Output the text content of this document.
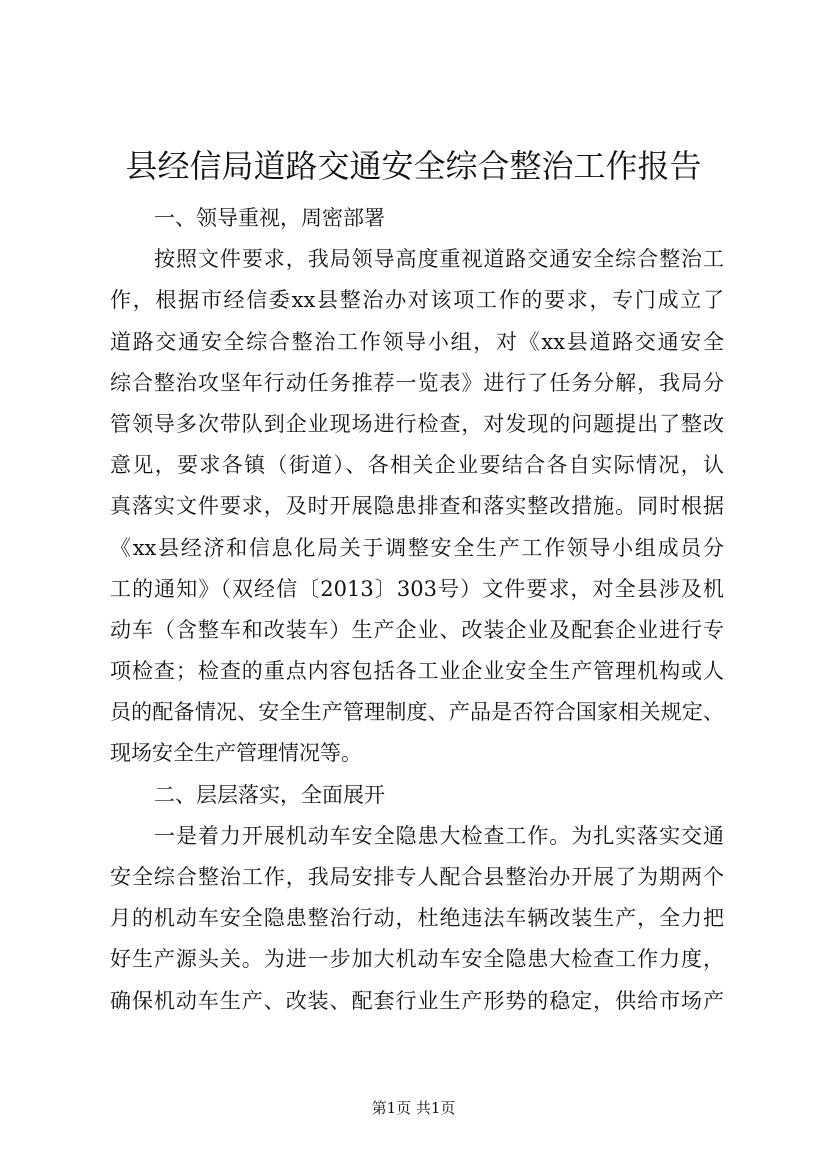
县经信局道路交通安全综合整治工作报告
一、领导重视，周密部署
按照文件要求，我局领导高度重视道路交通安全综合整治工
作，根据市经信委xx县整治办对该项工作的要求，专门成立了
道路交通安全综合整治工作领导小组，对《xx县道路交通安全
综合整治攻坚年行动任务推荐一览表》进行了任务分解，我局分
管领导多次带队到企业现场进行检查，对发现的问题提出了整改
意见，要求各镇（街道）、各相关企业要结合各自实际情况，认
真落实文件要求，及时开展隐患排查和落实整改措施。同时根据
《xx县经济和信息化局关于调整安全生产工作领导小组成员分
工的通知》（双经信〔2013〕303号）文件要求，对全县涉及机
动车（含整车和改装车）生产企业、改装企业及配套企业进行专
项检查；检查的重点内容包括各工业企业安全生产管理机构或人
员的配备情况、安全生产管理制度、产品是否符合国家相关规定、
现场安全生产管理情况等。
二、层层落实，全面展开
一是着力开展机动车安全隐患大检查工作。为扎实落实交通
安全综合整治工作，我局安排专人配合县整治办开展了为期两个
月的机动车安全隐患整治行动，杜绝违法车辆改装生产，全力把
好生产源头关。为进一步加大机动车安全隐患大检查工作力度，
确保机动车生产、改装、配套行业生产形势的稳定，供给市场产
第1页 共1页
